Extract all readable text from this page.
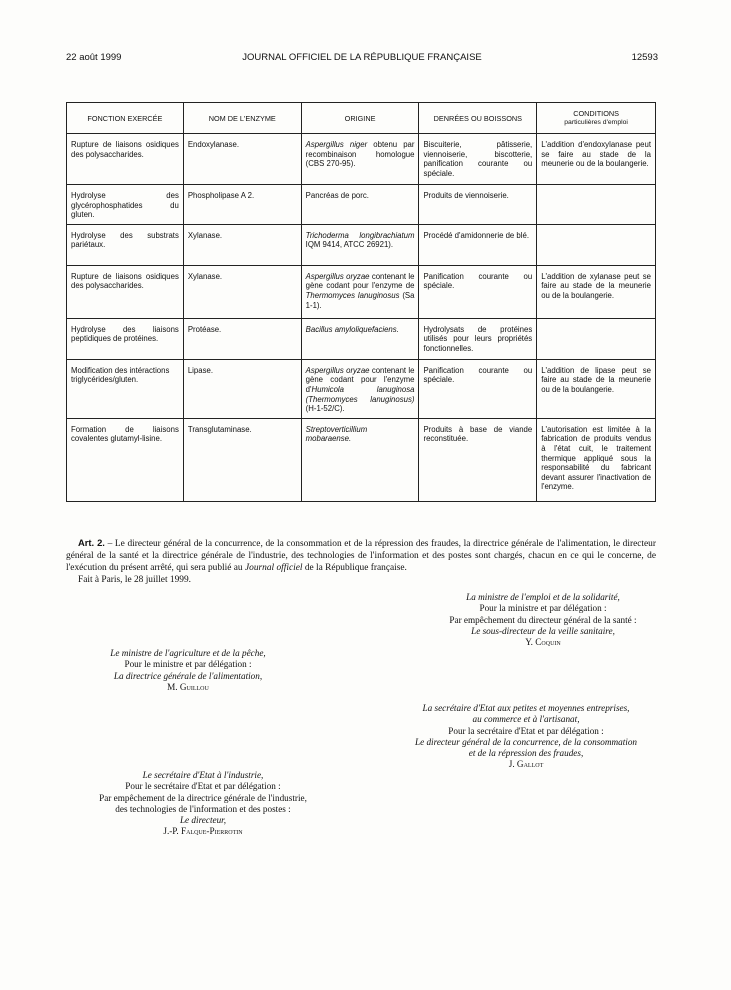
22 août 1999	JOURNAL OFFICIEL DE LA RÉPUBLIQUE FRANÇAISE	12593
FONCTION EXERCÉE	NOM DE L'ENZYME	ORIGINE	DENRÉES OU BOISSONS	CONDITIONS
particulières d'emploi

Rupture de liaisons osidiques des polysaccharides.	Endoxylanase.	Aspergillus niger obtenu par recombinaison homologue (CBS 270-95).	Biscuiterie, pâtisserie, viennoiserie, biscotterie, panification courante ou spéciale.	L'addition d'endoxylanase peut se faire au stade de la meunerie ou de la boulangerie.
Hydrolyse des glycérophosphatides du gluten.	Phospholipase A 2.	Pancréas de porc.	Produits de viennoiserie.	
Hydrolyse des substrats pariétaux.	Xylanase.	Trichoderma longibrachiatum IQM 9414, ATCC 26921).	Procédé d'amidonnerie de blé.	
Rupture de liaisons osidiques des polysaccharides.	Xylanase.	Aspergillus oryzae contenant le gène codant pour l'enzyme de Thermomyces lanuginosus (Sa 1-1).	Panification courante ou spéciale.	L'addition de xylanase peut se faire au stade de la meunerie ou de la boulangerie.
Hydrolyse des liaisons peptidiques de protéines.	Protéase.	Bacillus amyloliquefaciens.	Hydrolysats de protéines utilisés pour leurs propriétés fonctionnelles.	
Modification des intéractions triglycérides/gluten.	Lipase.	Aspergillus oryzae contenant le gène codant pour l'enzyme d'Humicola lanuginosa (Thermomyces lanuginosus) (H-1-52/C).	Panification courante ou spéciale.	L'addition de lipase peut se faire au stade de la meunerie ou de la boulangerie.
Formation de liaisons covalentes glutamyl-lisine.	Transglutaminase.	Streptoverticillium mobaraense.	Produits à base de viande reconstituée.	L'autorisation est limitée à la fabrication de produits vendus à l'état cuit, le traitement thermique appliqué sous la responsabilité du fabricant devant assurer l'inactivation de l'enzyme.

Art. 2. – Le directeur général de la concurrence, de la consommation et de la répression des fraudes, la directrice générale de l'alimentation, le directeur général de la santé et la directrice générale de l'industrie, des technologies de l'information et des postes sont chargés, chacun en ce qui le concerne, de l'exécution du présent arrêté, qui sera publié au Journal officiel de la République française.

Fait à Paris, le 28 juillet 1999.
La ministre de l'emploi et de la solidarité,
Pour la ministre et par délégation :
Par empêchement du directeur général de la santé :
Le sous-directeur de la veille sanitaire,
Y. Coquin
Le ministre de l'agriculture et de la pêche,
Pour le ministre et par délégation :
La directrice générale de l'alimentation,
M. Guillou
La secrétaire d'Etat aux petites et moyennes entreprises,
au commerce et à l'artisanat,
Pour la secrétaire d'Etat et par délégation :
Le directeur général de la concurrence, de la consommation
et de la répression des fraudes,
J. Gallot
Le secrétaire d'Etat à l'industrie,
Pour le secrétaire d'Etat et par délégation :
Par empêchement de la directrice générale de l'industrie,
des technologies de l'information et des postes :
Le directeur,
J.-P. Falque-Pierrotin
